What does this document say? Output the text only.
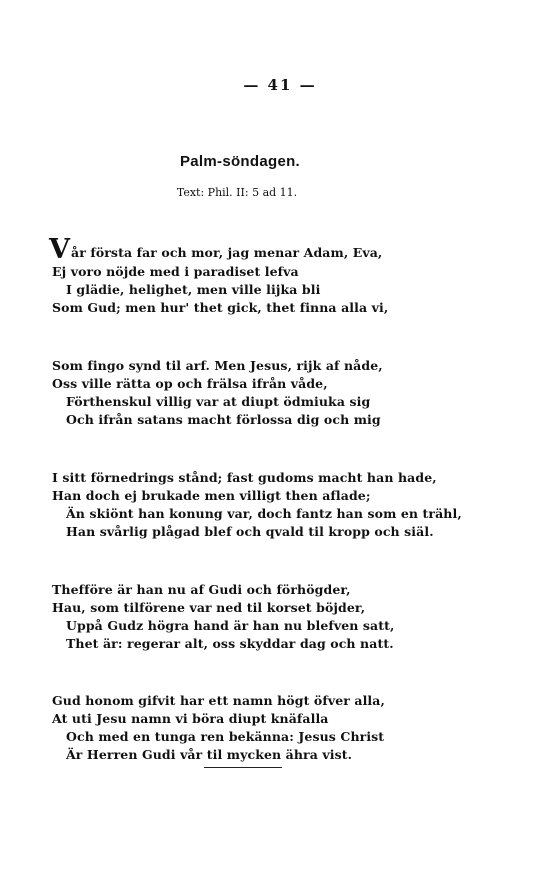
— 41 —
Palm-söndagen.
Text: Phil. II: 5 ad 11.
V år första far och mor, jag menar Adam, Eva,
Ej voro nöjde med i paradiset lefva
I glädie, helighet, men ville lijka bli
Som Gud; men hur' thet gick, thet finna alla vi,
Som fingo synd til arf. Men Jesus, rijk af nåde,
Oss ville rätta op och frälsa ifrån våde,
Förthenskul villig var at diupt ödmiuka sig
Och ifrån satans macht förlossa dig och mig
I sitt förnedrings stånd; fast gudoms macht han hade,
Han doch ej brukade men villigt then aflade;
Än skiönt han konung var, doch fantz han som en trähl,
Han svårlig plågad blef och qvald til kropp och siäl.
Thefföre är han nu af Gudi och förhögder,
Hau, som tilförene var ned til korset böjder,
Uppå Gudz högra hand är han nu blefven satt,
Thet är: regerar alt, oss skyddar dag och natt.
Gud honom gifvit har ett namn högt öfver alla,
At uti Jesu namn vi böra diupt knäfalla
Och med en tunga ren bekänna: Jesus Christ
Är Herren Gudi vår til mycken ähra vist.
